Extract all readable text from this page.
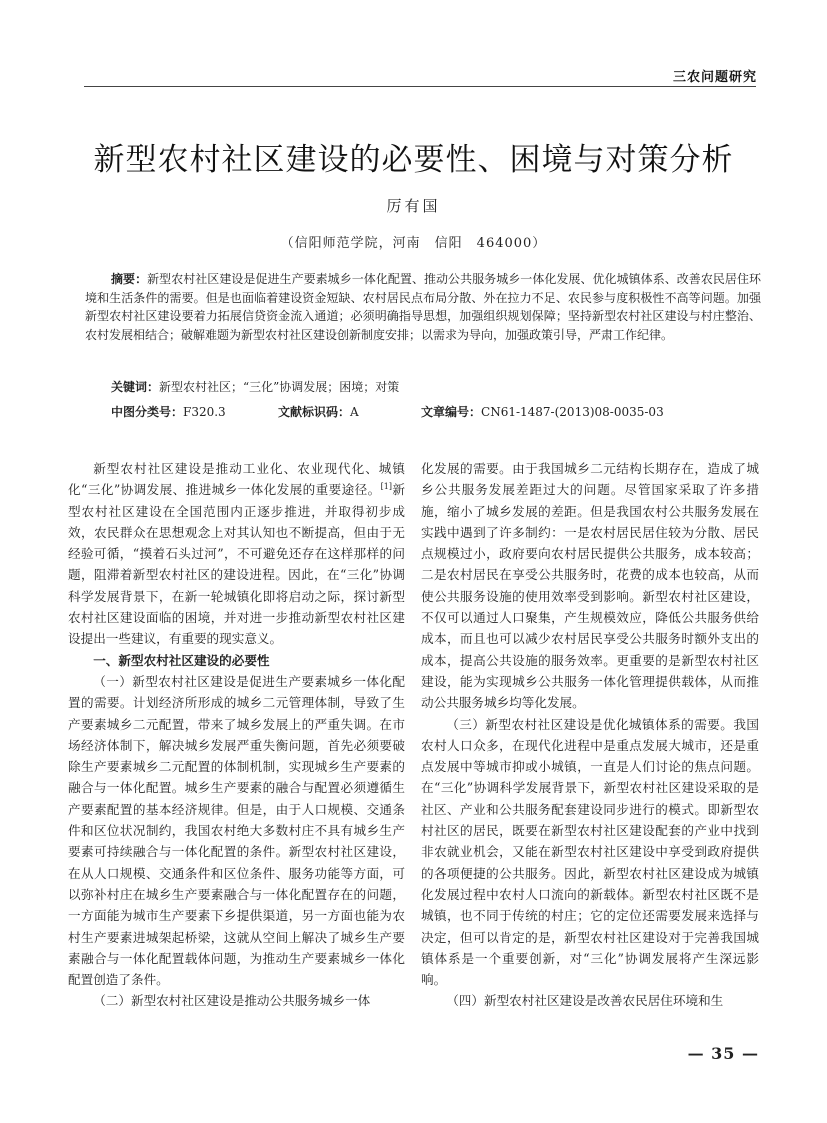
三农问题研究
新型农村社区建设的必要性、困境与对策分析
厉有国
（信阳师范学院，河南　信阳　464000）
摘要：新型农村社区建设是促进生产要素城乡一体化配置、推动公共服务城乡一体化发展、优化城镇体系、改善农民居住环境和生活条件的需要。但是也面临着建设资金短缺、农村居民点布局分散、外在拉力不足、农民参与度积极性不高等问题。加强新型农村社区建设要着力拓展信贷资金流入通道；必须明确指导思想，加强组织规划保障；坚持新型农村社区建设与村庄整治、农村发展相结合；破解难题为新型农村社区建设创新制度安排；以需求为导向，加强政策引导，严肃工作纪律。
关键词：新型农村社区；“三化”协调发展；困境；对策
中图分类号：F320.3	文献标识码：A	文章编号：CN61-1487-(2013)08-0035-03

新型农村社区建设是推动工业化、农业现代化、城镇化“三化”协调发展、推进城乡一体化发展的重要途径。[1]新型农村社区建设在全国范围内正逐步推进，并取得初步成效，农民群众在思想观念上对其认知也不断提高，但由于无经验可循，“摸着石头过河”，不可避免还存在这样那样的问题，阻滞着新型农村社区的建设进程。因此，在“三化”协调科学发展背景下，在新一轮城镇化即将启动之际，探讨新型农村社区建设面临的困境，并对进一步推动新型农村社区建设提出一些建议，有重要的现实意义。

一、新型农村社区建设的必要性

（一）新型农村社区建设是促进生产要素城乡一体化配置的需要。计划经济所形成的城乡二元管理体制，导致了生产要素城乡二元配置，带来了城乡发展上的严重失调。在市场经济体制下，解决城乡发展严重失衡问题，首先必须要破除生产要素城乡二元配置的体制机制，实现城乡生产要素的融合与一体化配置。城乡生产要素的融合与配置必须遵循生产要素配置的基本经济规律。但是，由于人口规模、交通条件和区位状况制约，我国农村绝大多数村庄不具有城乡生产要素可持续融合与一体化配置的条件。新型农村社区建设，在从人口规模、交通条件和区位条件、服务功能等方面，可以弥补村庄在城乡生产要素融合与一体化配置存在的问题，一方面能为城市生产要素下乡提供渠道，另一方面也能为农村生产要素进城架起桥梁，这就从空间上解决了城乡生产要素融合与一体化配置载体问题，为推动生产要素城乡一体化配置创造了条件。

（二）新型农村社区建设是推动公共服务城乡一体

化发展的需要。由于我国城乡二元结构长期存在，造成了城乡公共服务发展差距过大的问题。尽管国家采取了许多措施，缩小了城乡发展的差距。但是我国农村公共服务发展在实践中遇到了许多制约：一是农村居民居住较为分散、居民点规模过小，政府要向农村居民提供公共服务，成本较高；二是农村居民在享受公共服务时，花费的成本也较高，从而使公共服务设施的使用效率受到影响。新型农村社区建设，不仅可以通过人口聚集，产生规模效应，降低公共服务供给成本，而且也可以减少农村居民享受公共服务时额外支出的成本，提高公共设施的服务效率。更重要的是新型农村社区建设，能为实现城乡公共服务一体化管理提供载体，从而推动公共服务城乡均等化发展。

（三）新型农村社区建设是优化城镇体系的需要。我国农村人口众多，在现代化进程中是重点发展大城市，还是重点发展中等城市抑或小城镇，一直是人们讨论的焦点问题。在“三化”协调科学发展背景下，新型农村社区建设采取的是社区、产业和公共服务配套建设同步进行的模式。即新型农村社区的居民，既要在新型农村社区建设配套的产业中找到非农就业机会，又能在新型农村社区建设中享受到政府提供的各项便捷的公共服务。因此，新型农村社区建设成为城镇化发展过程中农村人口流向的新载体。新型农村社区既不是城镇，也不同于传统的村庄；它的定位还需要发展来选择与决定，但可以肯定的是，新型农村社区建设对于完善我国城镇体系是一个重要创新，对“三化”协调发展将产生深远影响。

（四）新型农村社区建设是改善农民居住环境和生

— 35 —
